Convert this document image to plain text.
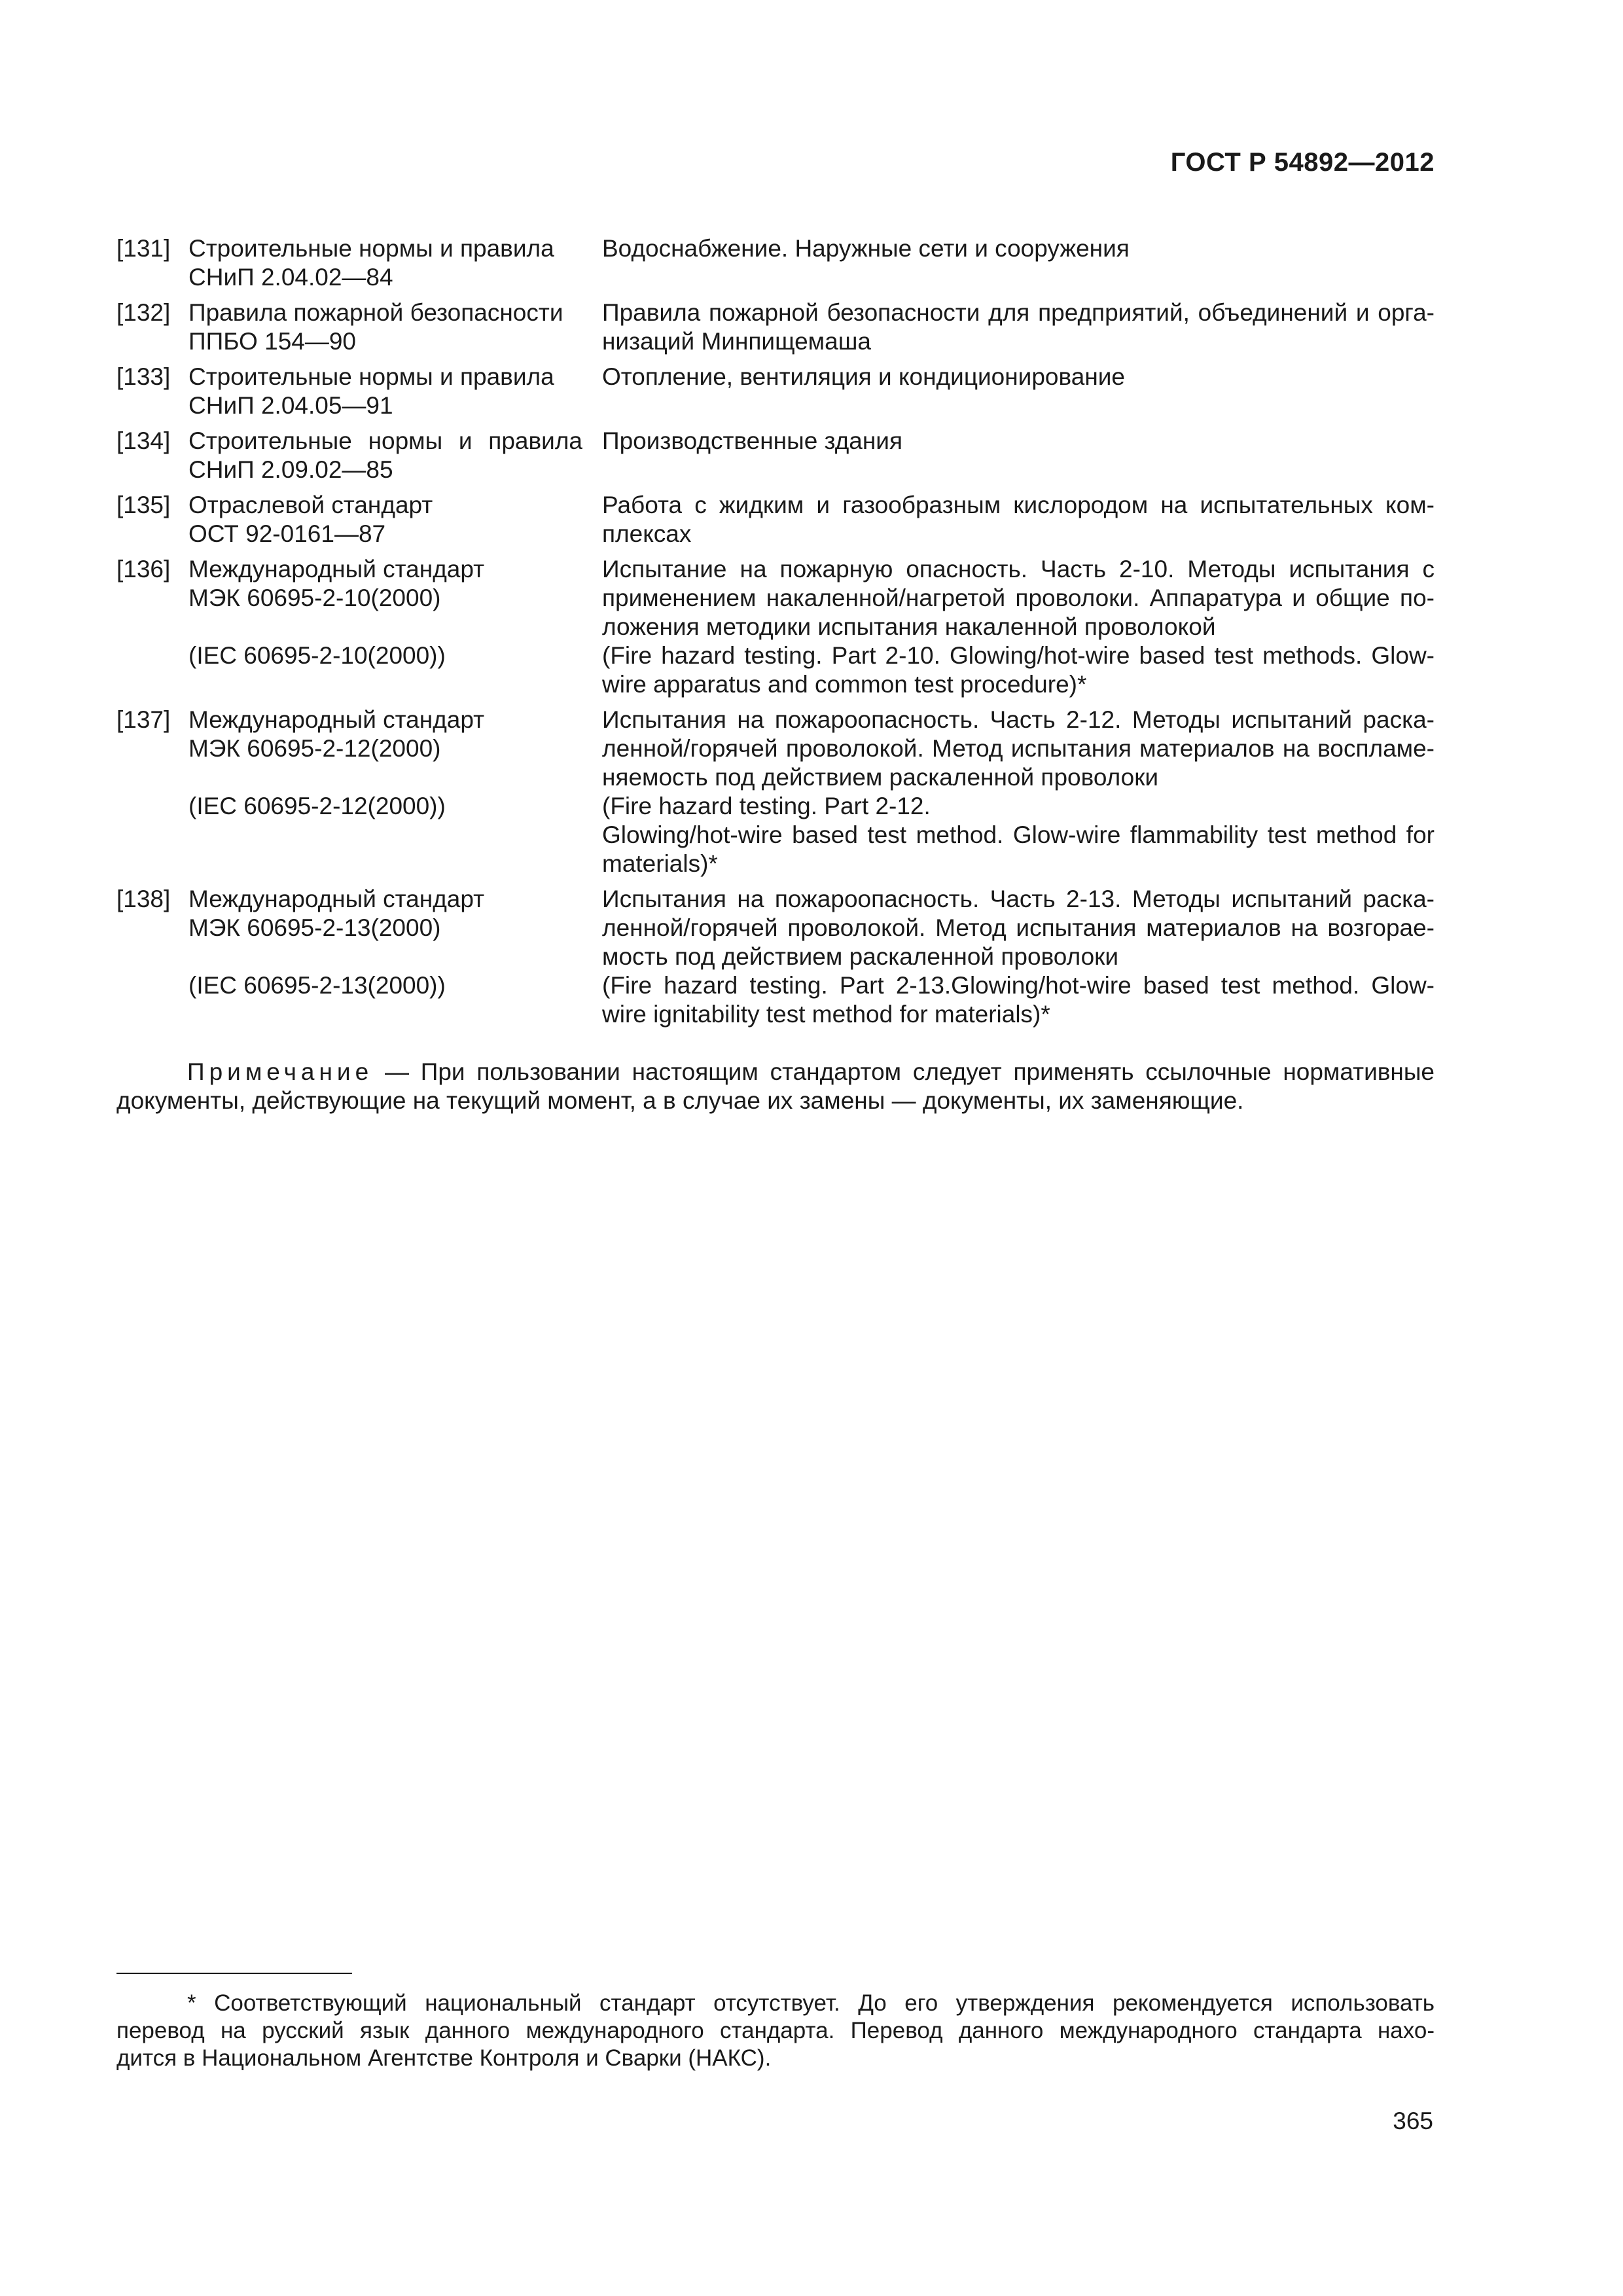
ГОСТ Р 54892—2012
[131]	Строительные нормы и правила
СНиП 2.04.02—84	Водоснабжение. Наружные сети и сооружения

[132]	Правила пожарной безопасности
ППБО 154—90	Правила пожарной безопасности для предприятий, объединений и орга-
низаций Минпищемаша

[133]	Строительные нормы и правила
СНиП 2.04.05—91	Отопление, вентиляция и кондиционирование

[134]	Строительные нормы и правила
СНиП 2.09.02—85	Производственные здания

[135]	Отраслевой стандарт
ОСТ 92-0161—87	Работа с жидким и газообразным кислородом на испытательных ком-
плексах

[136]	Международный стандарт
МЭК 60695-2-10(2000)	Испытание на пожарную опасность. Часть 2-10. Методы испытания с
применением накаленной/нагретой проволоки. Аппаратура и общие по-
ложения методики испытания накаленной проволокой

	(IEC 60695-2-10(2000))	(Fire hazard testing. Part 2-10. Glowing/hot-wire based test methods. Glow-
wire apparatus and common test procedure)*

[137]	Международный стандарт
МЭК 60695-2-12(2000)	Испытания на пожароопасность. Часть 2-12. Методы испытаний раска-
ленной/горячей проволокой. Метод испытания материалов на воспламе-
няемость под действием раскаленной проволоки

	(IEC 60695-2-12(2000))	(Fire hazard testing. Part 2-12.
Glowing/hot-wire based test method. Glow-wire flammability test method for
materials)*

[138]	Международный стандарт
МЭК 60695-2-13(2000)	Испытания на пожароопасность. Часть 2-13. Методы испытаний раска-
ленной/горячей проволокой. Метод испытания материалов на возгорае-
мость под действием раскаленной проволоки

	(IEC 60695-2-13(2000))	(Fire hazard testing. Part 2-13.Glowing/hot-wire based test method. Glow-
wire ignitability test method for materials)*
Примечание — При пользовании настоящим стандартом следует применять ссылочные нормативные
документы, действующие на текущий момент, а в случае их замены — документы, их заменяющие.
* Соответствующий национальный стандарт отсутствует. До его утверждения рекомендуется использовать
перевод на русский язык данного международного стандарта. Перевод данного международного стандарта нахо-
дится в Национальном Агентстве Контроля и Сварки (НАКС).
365
